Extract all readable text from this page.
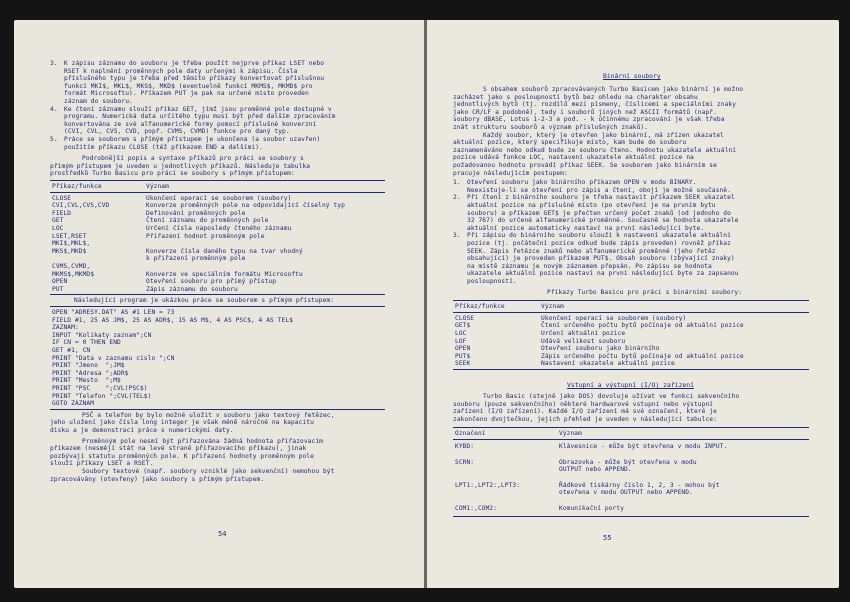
3. K zápisu záznamu do souboru je třeba použít nejprve příkaz LSET nebo
RSET k naplnění proměnných pole daty určenými k zápisu. Čísla
příslušného typu je třeba před těmito příkazy konvertovat příslušnou
funkcí MKI$, MKL$, MKS$, MKD$ (eventuelně funkcí MKMS$, MKMD$ pro
formát Microsoftu). Příkazem PUT je pak na určené místo proveden
záznam do souboru.
4. Ke čtení záznamu slouží příkaz GET, jímž jsou proměnné pole dostupné v
programu. Numerická data určitého typu musí být před dalším zpracováním
konvertována ze své alfanumerické formy pomocí příslušné konverzní
(CVI, CVL, CVS, CVD, popř. CVMS, CVMD) funkce pro daný typ.
5. Práce se souborem s přímým přístupem je ukončena (a soubor uzavřen)
použitím příkazu CLOSE (též příkazem END a dalšími).
Podrobnější popis a syntaxe příkazů pro práci se soubory s
přímým přístupem je uveden u jednotlivých příkazů. Následuje tabulka
prostředků Turbo Basicu pro práci se soubory s přímým přístupem:
Příkaz/funkce	Význam
CLOSE	Ukončení operací se souborem (soubory)
CVI,CVL,CVS,CVD	Konverze proměnných pole na odpovídající číselný typ
FIELD	Definování proměnných pole
GET	Čtení záznamu do proměnných pole
LOC	Určení čísla naposledy čteného záznamu
LSET,RSET	Přiřazení hodnot proměnným pole
MKI$,MKL$,
MKS$,MKD$	Konverze čísla daného typu na tvar vhodný
k přiřazení proměnným pole
CVMS,CVMD,
MKMS$,MKMD$	Konverze ve speciálním formátu Microsoftu
OPEN	Otevření souboru pro přímý přístup
PUT	Zápis záznamu do souboru
Následující program je ukázkou práce se souborem s přímým přístupem:
OPEN "ADRESY.DAT" AS #1 LEN = 73
FIELD #1, 25 AS JM$, 25 AS ADR$, 15 AS M$, 4 AS PSC$, 4 AS TEL$
ZAZNAM:
INPUT "Kolikaty zaznam";CN
IF CN = 0 THEN END
GET #1, CN
PRINT "Data v zaznamu cislo ";CN
PRINT "Jmeno  ";JM$
PRINT "Adresa ";ADR$
PRINT "Mesto  ";M$
PRINT "PSC    ";CVL(PSC$)
PRINT "Telefon ";CVL(TEL$)
GOTO ZAZNAM
PSČ a telefon by bylo možné uložit v souboru jako textový řetězec,
jeho uložení jako čísla long integer je však méně náročné na kapacitu
disku a je demonstrací práce s numerickými daty.
Proměnným pole nesmí být přiřazována žádná hodnota přiřazovacím
příkazem (nesmějí stát na levé straně přiřazovacího příkazu), jinak
pozbývají statutu proměnných pole. K přiřazení hodnoty proměnným pole
slouží příkazy LSET a RSET.
Soubory textové (např. soubory vzniklé jako sekvenční) nemohou být
zpracovávány (otevřeny) jako soubory s přímým přístupem.
54
Binární soubory
S obsahem souborů zpracovávaných Turbo Basicem jako binární je možno
zacházet jako s posloupností bytů bez ohledu na charakter obsahu
jednotlivých bytů (tj. rozdílů mezi písmeny, číslicemi a speciálními znaky
jako CR/LF a podobně), tedy i souborů jiných než ASCII formátů (např.
soubory dBASE, Lotus 1-2-3 a pod. - k účinnému zpracování je však třeba
znát strukturu souborů a význam příslušných znaků).
Každý soubor, který je otevřen jako binární, má zřízen ukazatel
aktuální pozice, který specifikuje místo, kam bude do souboru
zaznamenáváno nebo odkud bude ze souboru čteno. Hodnotu ukazatele aktuální
pozice udává funkce LOC, nastavení ukazatele aktuální pozice na
požadovanou hodnotu provádí příkaz SEEK. Se souborem jako binárním se
pracuje následujícím postupem:
1. Otevření souboru jako binárního příkazem OPEN v modu BINARY.
Neexistuje-li se otevření pro zápis a čtení, obojí je možné současně.
2. Při čtení z binárního souboru je třeba nastavit příkazem SEEK ukazatel
aktuální pozice na příslušné místo (po otevření je na prvním bytu
souboru) a příkazem GET$ je přečten určený počet znaků (od jednoho do
32 767) do určené alfanumerické proměnné. Současně se hodnota ukazatele
aktuální pozice automaticky nastaví na první následující byte.
3. Při zápisu do binárního souboru slouží k nastavení ukazatele aktuální
pozice (tj. počáteční pozice odkud bude zápis proveden) rovněž příkaz
SEEK. Zápis řetězce znaků nebo alfanumerické proměnné (jeho řetěz
obsahující) je proveden příkazem PUT$. Obsah souboru (zbývající znaky)
na místě záznamu je novým záznamem přepsán. Po zápisu se hodnota
ukazatele aktuální pozice nastaví na první následující byte za zapsanou
posloupností.
Příkazy Turbo Basicu pro práci s binárními soubory:
Příkaz/funkce	Význam
CLOSE	Ukončení operací se souborem (soubory)
GET$	Čtení určeného počtu bytů počínaje od aktuální pozice
LOC	Určení aktuální pozice
LOF	Udává velikost souboru
OPEN	Otevření souboru jako binárního
PUT$	Zápis určeného počtu bytů počínaje od aktuální pozice
SEEK	Nastavení ukazatele aktuální pozice
Vstupní a výstupní (I/O) zařízení
Turbo Basic (stejně jako DOS) dovoluje užívat ve funkci sekvenčního
souboru (pouze sekvenčního) některé hardwarové vstupní nebo výstupní
zařízení (I/O zařízení). Každé I/O zařízení má své označení, které je
zakončeno dvojtečkou, jejich přehled je uveden v následující tabulce:
Označení	Význam
KYBD:	Klávesnice - může být otevřena v modu INPUT.
SCRN:	Obrazovka - může být otevřena v modu
OUTPUT nebo APPEND.
LPT1:,LPT2:,LPT3:	Řádkové tiskárny číslo 1, 2, 3 - mohou být
otevřena v modu OUTPUT nebo APPEND.
COM1:,COM2:	Komunikační porty
55
